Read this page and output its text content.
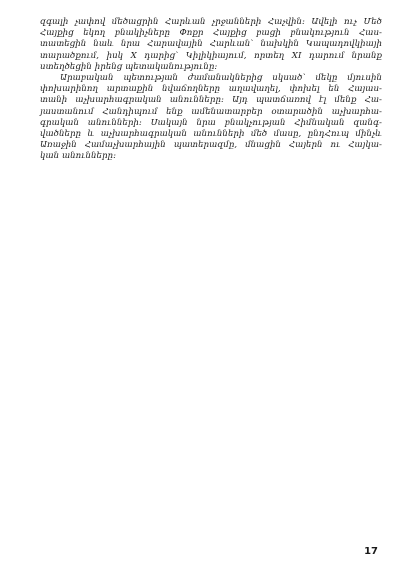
զգալի չափով մեծացրին Հարևան չրջանների Հաչվին: Ավելի ուչ Մեծ
Հայքից եկող բնակիչները Փոքր Հայքից բացի բնակություն Հաս-
տատեցին նաև նրա Հարավային Հարևան՝ նախկին Կապադովկիայի
տարածքում, իսկ X դարից՝ Կիլիկիայում, որտեղ XI դարում նրանք
ստեղծեցին իրենց պետականությունը:
Արաբական պետության ժամանակներից սկսած՝ մեկը մյուսին
փոխարինող արտաքին նվաճողները աղավաղել, փոխել են Հայաս-
տանի աչխարհագրական անունները: Այդ պատճառով էլ մենք Հա-
յաստանում Հանդիպում ենք ամենատարբեր օտարածին աչխարհա-
գրական անունների: Սակայն նրա բնակչության Հիմնական զանգ-
վածները և աչխարհագրական անունների մեծ մասը, ընդՀուպ մինչև
Առաջին Համաչխարհային պատերազմը, մնացին Հայերն ու Հայկա-
կան անունները:
17
